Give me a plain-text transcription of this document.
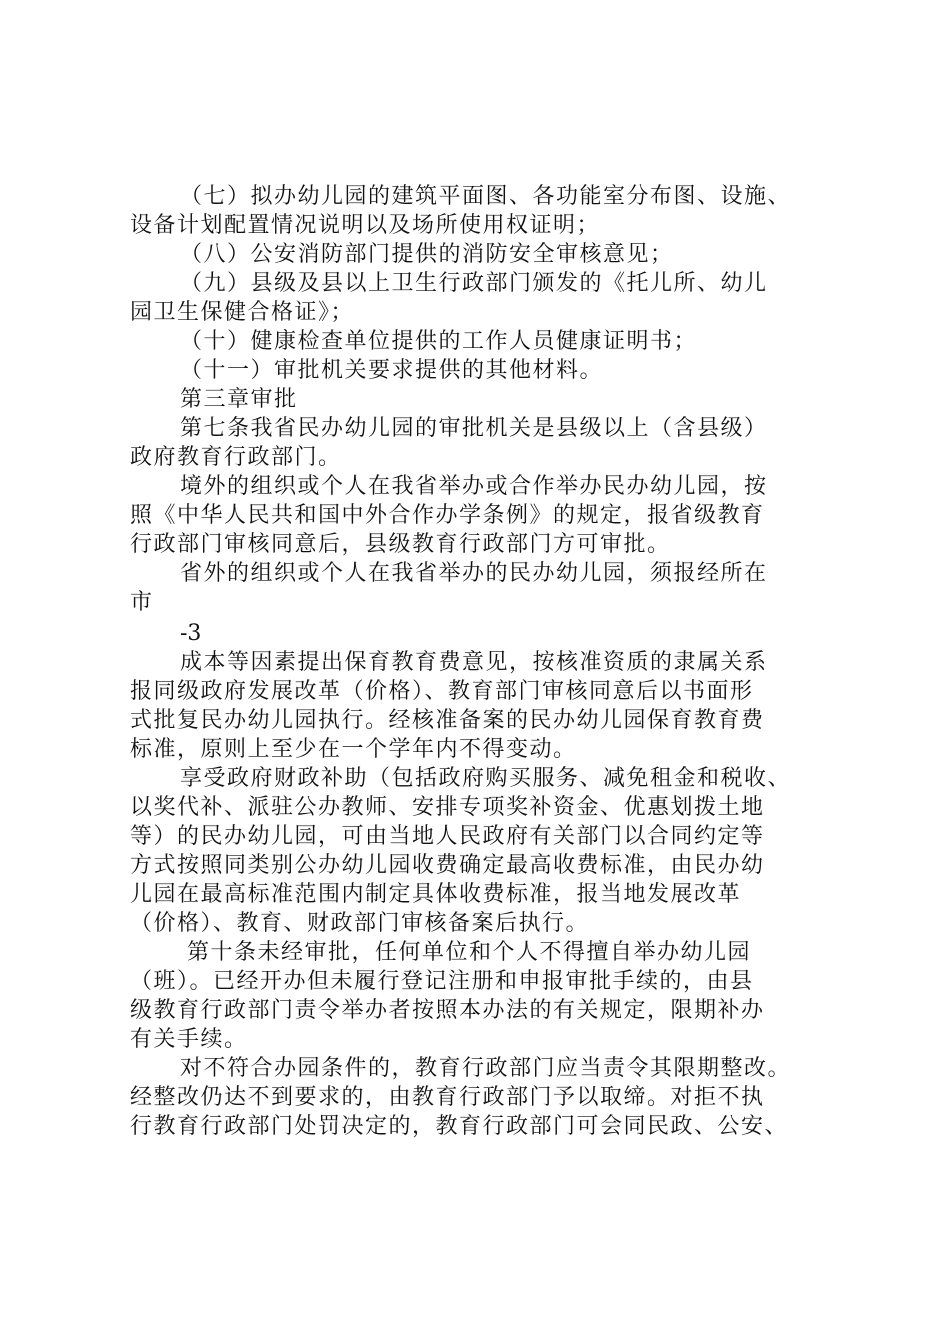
（七）拟办幼儿园的建筑平面图、各功能室分布图、设施、
设备计划配置情况说明以及场所使用权证明；
（八）公安消防部门提供的消防安全审核意见；
（九）县级及县以上卫生行政部门颁发的《托儿所、幼儿
园卫生保健合格证》；
（十）健康检查单位提供的工作人员健康证明书；
（十一）审批机关要求提供的其他材料。
第三章审批
第七条我省民办幼儿园的审批机关是县级以上（含县级）
政府教育行政部门。
境外的组织或个人在我省举办或合作举办民办幼儿园，按
照《中华人民共和国中外合作办学条例》的规定，报省级教育
行政部门审核同意后，县级教育行政部门方可审批。
省外的组织或个人在我省举办的民办幼儿园，须报经所在
市
-3
成本等因素提出保育教育费意见，按核准资质的隶属关系
报同级政府发展改革（价格）、教育部门审核同意后以书面形
式批复民办幼儿园执行。经核准备案的民办幼儿园保育教育费
标准，原则上至少在一个学年内不得变动。
享受政府财政补助（包括政府购买服务、减免租金和税收、
以奖代补、派驻公办教师、安排专项奖补资金、优惠划拨土地
等）的民办幼儿园，可由当地人民政府有关部门以合同约定等
方式按照同类别公办幼儿园收费确定最高收费标准，由民办幼
儿园在最高标准范围内制定具体收费标准，报当地发展改革
（价格）、教育、财政部门审核备案后执行。
第十条未经审批，任何单位和个人不得擅自举办幼儿园
（班）。已经开办但未履行登记注册和申报审批手续的，由县
级教育行政部门责令举办者按照本办法的有关规定，限期补办
有关手续。
对不符合办园条件的，教育行政部门应当责令其限期整改。
经整改仍达不到要求的，由教育行政部门予以取缔。对拒不执
行教育行政部门处罚决定的，教育行政部门可会同民政、公安、
